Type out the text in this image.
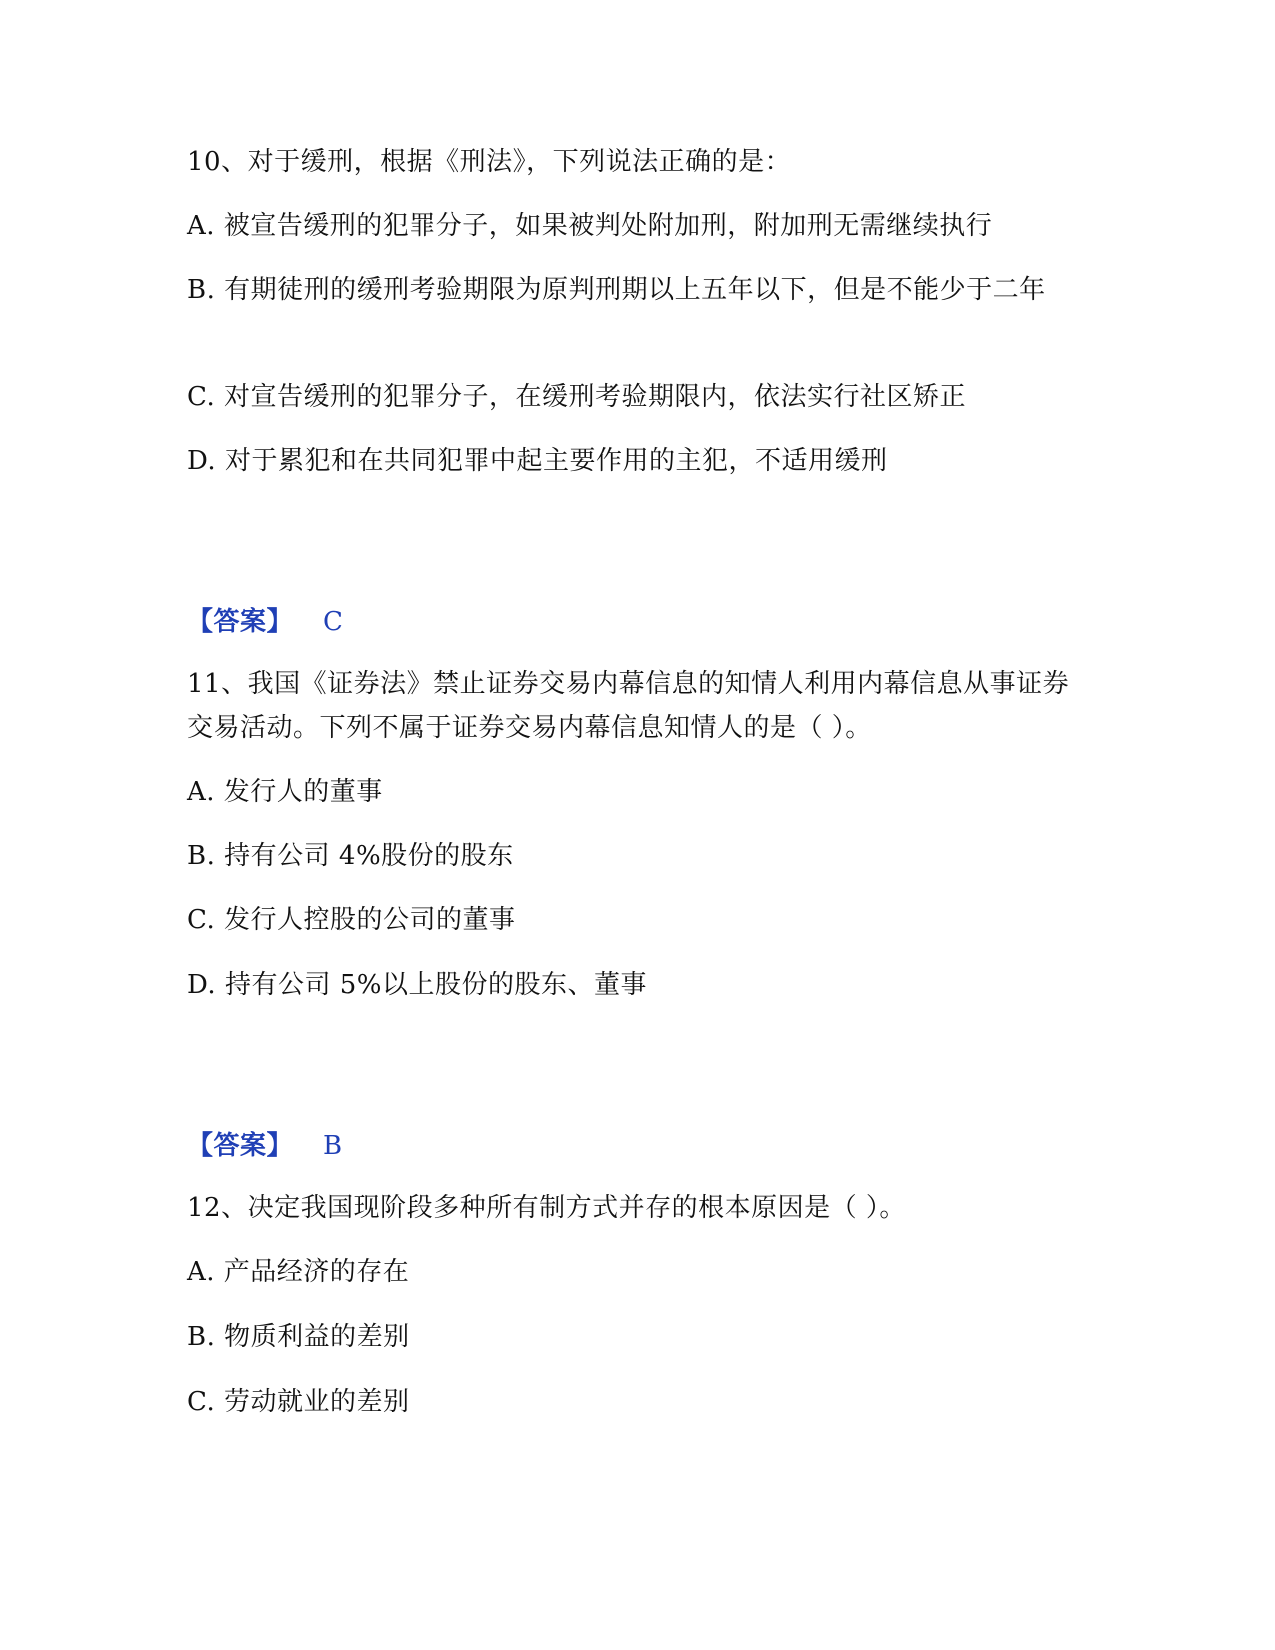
10、对于缓刑，根据《刑法》，下列说法正确的是：
A. 被宣告缓刑的犯罪分子，如果被判处附加刑，附加刑无需继续执行
B. 有期徒刑的缓刑考验期限为原判刑期以上五年以下，但是不能少于二年
C. 对宣告缓刑的犯罪分子，在缓刑考验期限内，依法实行社区矫正
D. 对于累犯和在共同犯罪中起主要作用的主犯，不适用缓刑
【答案】 C
11、我国《证券法》禁止证券交易内幕信息的知情人利用内幕信息从事证券交易活动。下列不属于证券交易内幕信息知情人的是（ ）。
A. 发行人的董事
B. 持有公司 4%股份的股东
C. 发行人控股的公司的董事
D. 持有公司 5%以上股份的股东、董事
【答案】 B
12、决定我国现阶段多种所有制方式并存的根本原因是（ ）。
A. 产品经济的存在
B. 物质利益的差别
C. 劳动就业的差别
